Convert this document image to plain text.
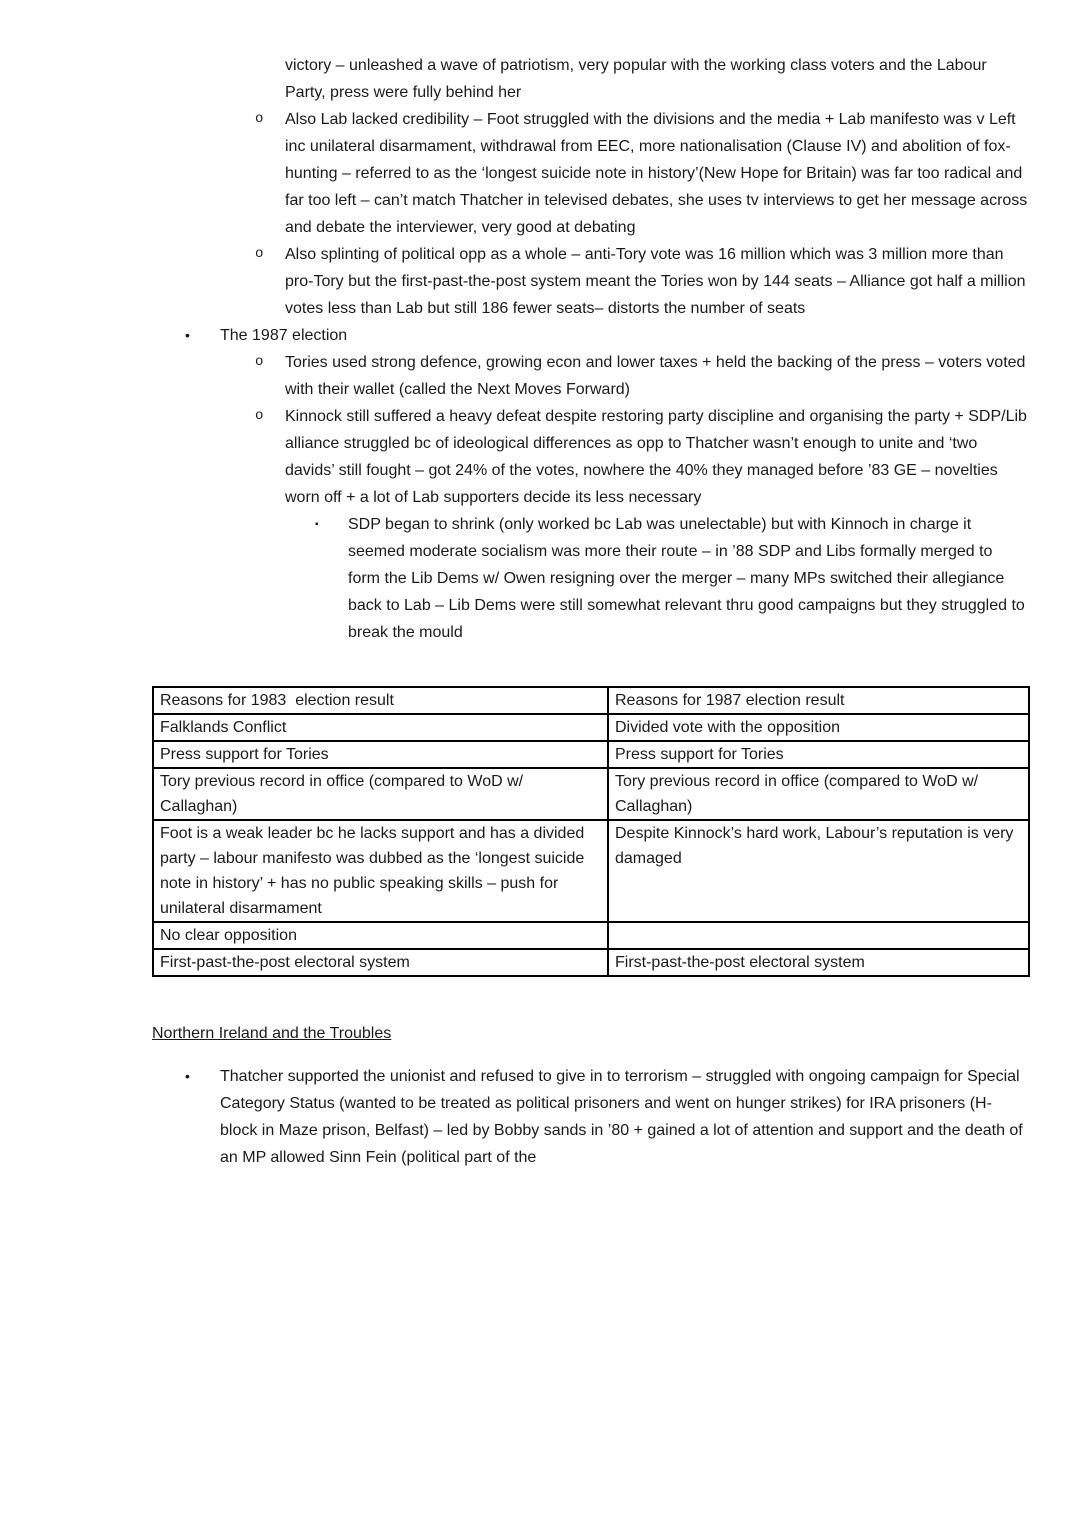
victory – unleashed a wave of patriotism, very popular with the working class voters and the Labour Party, press were fully behind her

o	Also Lab lacked credibility – Foot struggled with the divisions and the media + Lab manifesto was v Left inc unilateral disarmament, withdrawal from EEC, more nationalisation (Clause IV) and abolition of fox-hunting – referred to as the ‘longest suicide note in history’(New Hope for Britain) was far too radical and far too left – can’t match Thatcher in televised debates, she uses tv interviews to get her message across and debate the interviewer, very good at debating
o	Also splinting of political opp as a whole – anti-Tory vote was 16 million which was 3 million more than pro-Tory but the first-past-the-post system meant the Tories won by 144 seats – Alliance got half a million votes less than Lab but still 186 fewer seats– distorts the number of seats
•	The 1987 election
o	Tories used strong defence, growing econ and lower taxes + held the backing of the press – voters voted with their wallet (called the Next Moves Forward)
o	Kinnock still suffered a heavy defeat despite restoring party discipline and organising the party + SDP/Lib alliance struggled bc of ideological differences as opp to Thatcher wasn’t enough to unite and ‘two davids’ still fought – got 24% of the votes, nowhere the 40% they managed before ’83 GE – novelties worn off + a lot of Lab supporters decide its less necessary
▪	SDP began to shrink (only worked bc Lab was unelectable) but with Kinnoch in charge it seemed moderate socialism was more their route – in ’88 SDP and Libs formally merged to form the Lib Dems w/ Owen resigning over the merger – many MPs switched their allegiance back to Lab – Lib Dems were still somewhat relevant thru good campaigns but they struggled to break the mould
Reasons for 1983  election result	Reasons for 1987 election result
Falklands Conflict	Divided vote with the opposition
Press support for Tories	Press support for Tories
Tory previous record in office (compared to WoD w/ Callaghan)	Tory previous record in office (compared to WoD w/ Callaghan)
Foot is a weak leader bc he lacks support and has a divided party – labour manifesto was dubbed as the ‘longest suicide note in history’ + has no public speaking skills – push for unilateral disarmament	Despite Kinnock’s hard work, Labour’s reputation is very damaged
No clear opposition	
First-past-the-post electoral system	First-past-the-post electoral system

Northern Ireland and the Troubles

•	Thatcher supported the unionist and refused to give in to terrorism – struggled with ongoing campaign for Special Category Status (wanted to be treated as political prisoners and went on hunger strikes) for IRA prisoners (H-block in Maze prison, Belfast) – led by Bobby sands in ’80 + gained a lot of attention and support and the death of an MP allowed Sinn Fein (political part of the
